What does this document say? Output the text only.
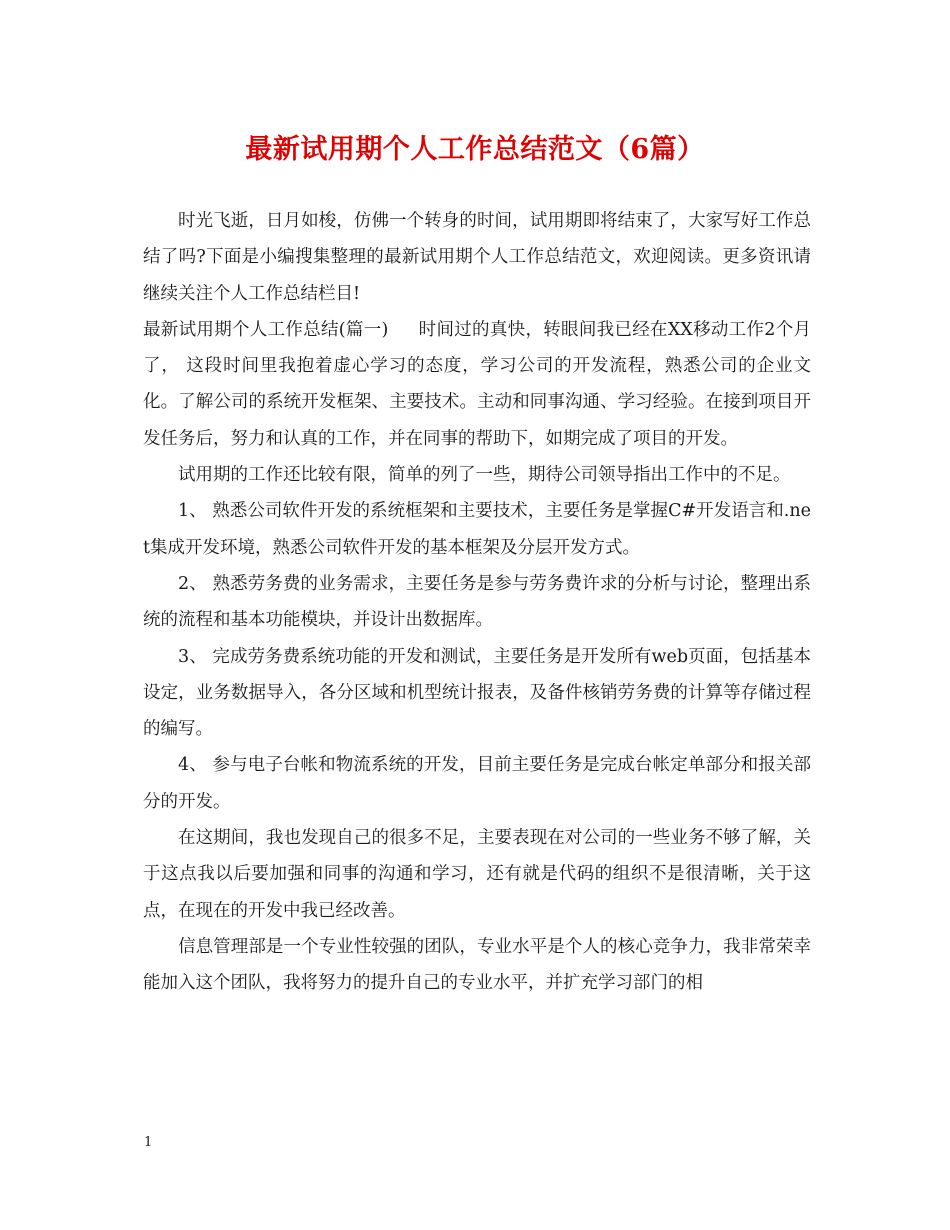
最新试用期个人工作总结范文（6篇）

时光飞逝，日月如梭，仿佛一个转身的时间，试用期即将结束了，大家写好工作总结了吗?下面是小编搜集整理的最新试用期个人工作总结范文，欢迎阅读。更多资讯请继续关注个人工作总结栏目!

最新试用期个人工作总结(篇一) 时间过的真快，转眼间我已经在XX移动工作2个月了， 这段时间里我抱着虚心学习的态度，学习公司的开发流程，熟悉公司的企业文化。了解公司的系统开发框架、主要技术。主动和同事沟通、学习经验。在接到项目开发任务后，努力和认真的工作，并在同事的帮助下，如期完成了项目的开发。

试用期的工作还比较有限，简单的列了一些，期待公司领导指出工作中的不足。

1、 熟悉公司软件开发的系统框架和主要技术，主要任务是掌握C#开发语言和.net集成开发环境，熟悉公司软件开发的基本框架及分层开发方式。

2、 熟悉劳务费的业务需求，主要任务是参与劳务费许求的分析与讨论，整理出系统的流程和基本功能模块，并设计出数据库。

3、 完成劳务费系统功能的开发和测试，主要任务是开发所有web页面，包括基本设定，业务数据导入，各分区域和机型统计报表，及备件核销劳务费的计算等存储过程的编写。

4、 参与电子台帐和物流系统的开发，目前主要任务是完成台帐定单部分和报关部分的开发。

在这期间，我也发现自己的很多不足，主要表现在对公司的一些业务不够了解，关于这点我以后要加强和同事的沟通和学习，还有就是代码的组织不是很清晰，关于这点，在现在的开发中我已经改善。

信息管理部是一个专业性较强的团队，专业水平是个人的核心竞争力，我非常荣幸能加入这个团队，我将努力的提升自己的专业水平，并扩充学习部门的相

1
